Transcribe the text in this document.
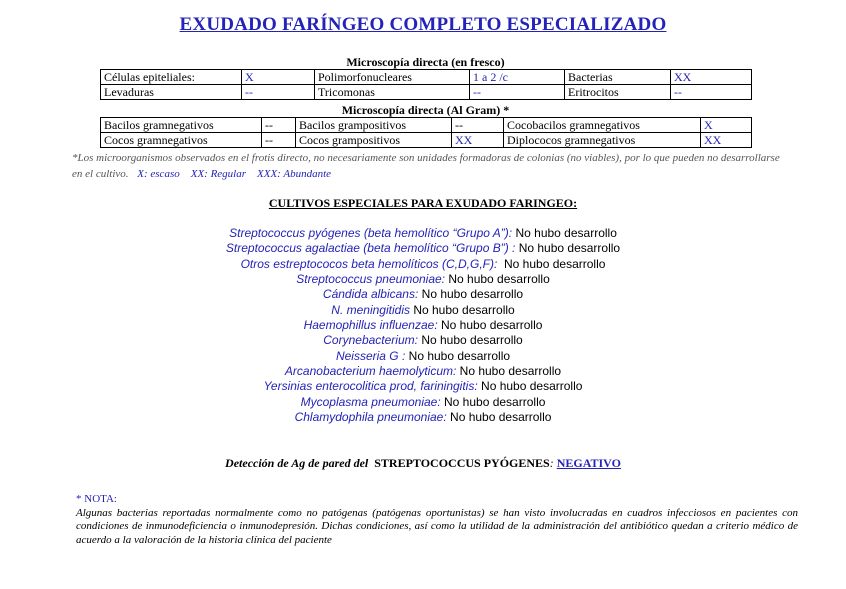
EXUDADO FARÍNGEO COMPLETO ESPECIALIZADO
Microscopía directa (en fresco)
Células epiteliales:	X	Polimorfonucleares	1 a 2 /c	Bacterias	XX
Levaduras	--	Tricomonas	--	Eritrocitos	--
Microscopía directa (Al Gram) *
Bacilos gramnegativos	--	Bacilos grampositivos	--	Cocobacilos gramnegativos	X
Cocos gramnegativos	--	Cocos grampositivos	XX	Diplococos gramnegativos	XX
*Los microorganismos observados en el frotis directo, no necesariamente son unidades formadoras de colonias (no viables), por lo que pueden no desarrollarse en el cultivo. X: escaso    XX: Regular    XXX: Abundante
CULTIVOS ESPECIALES PARA EXUDADO FARINGEO:
Streptococcus pyógenes (beta hemolítico “Grupo A”): No hubo desarrollo
Streptococcus agalactiae (beta hemolítico “Grupo B”) : No hubo desarrollo
Otros estreptococos beta hemolíticos (C,D,G,F):  No hubo desarrollo
Streptococcus pneumoniae: No hubo desarrollo
Cándida albicans: No hubo desarrollo
N. meningitidis No hubo desarrollo
Haemophillus influenzae: No hubo desarrollo
Corynebacterium: No hubo desarrollo
Neisseria G : No hubo desarrollo
Arcanobacterium haemolyticum: No hubo desarrollo
Yersinias enterocolitica prod, fariningitis: No hubo desarrollo
Mycoplasma pneumoniae: No hubo desarrollo
Chlamydophila pneumoniae: No hubo desarrollo
Detección de Ag de pared del STREPTOCOCCUS PYÓGENES: NEGATIVO
* NOTA:
Algunas bacterias reportadas normalmente como no patógenas (patógenas oportunistas) se han visto involucradas en cuadros infecciosos en pacientes con condiciones de inmunodeficiencia o inmunodepresión. Dichas condiciones, así como la utilidad de la administración del antibiótico quedan a criterio médico de acuerdo a la valoración de la historia clínica del paciente
